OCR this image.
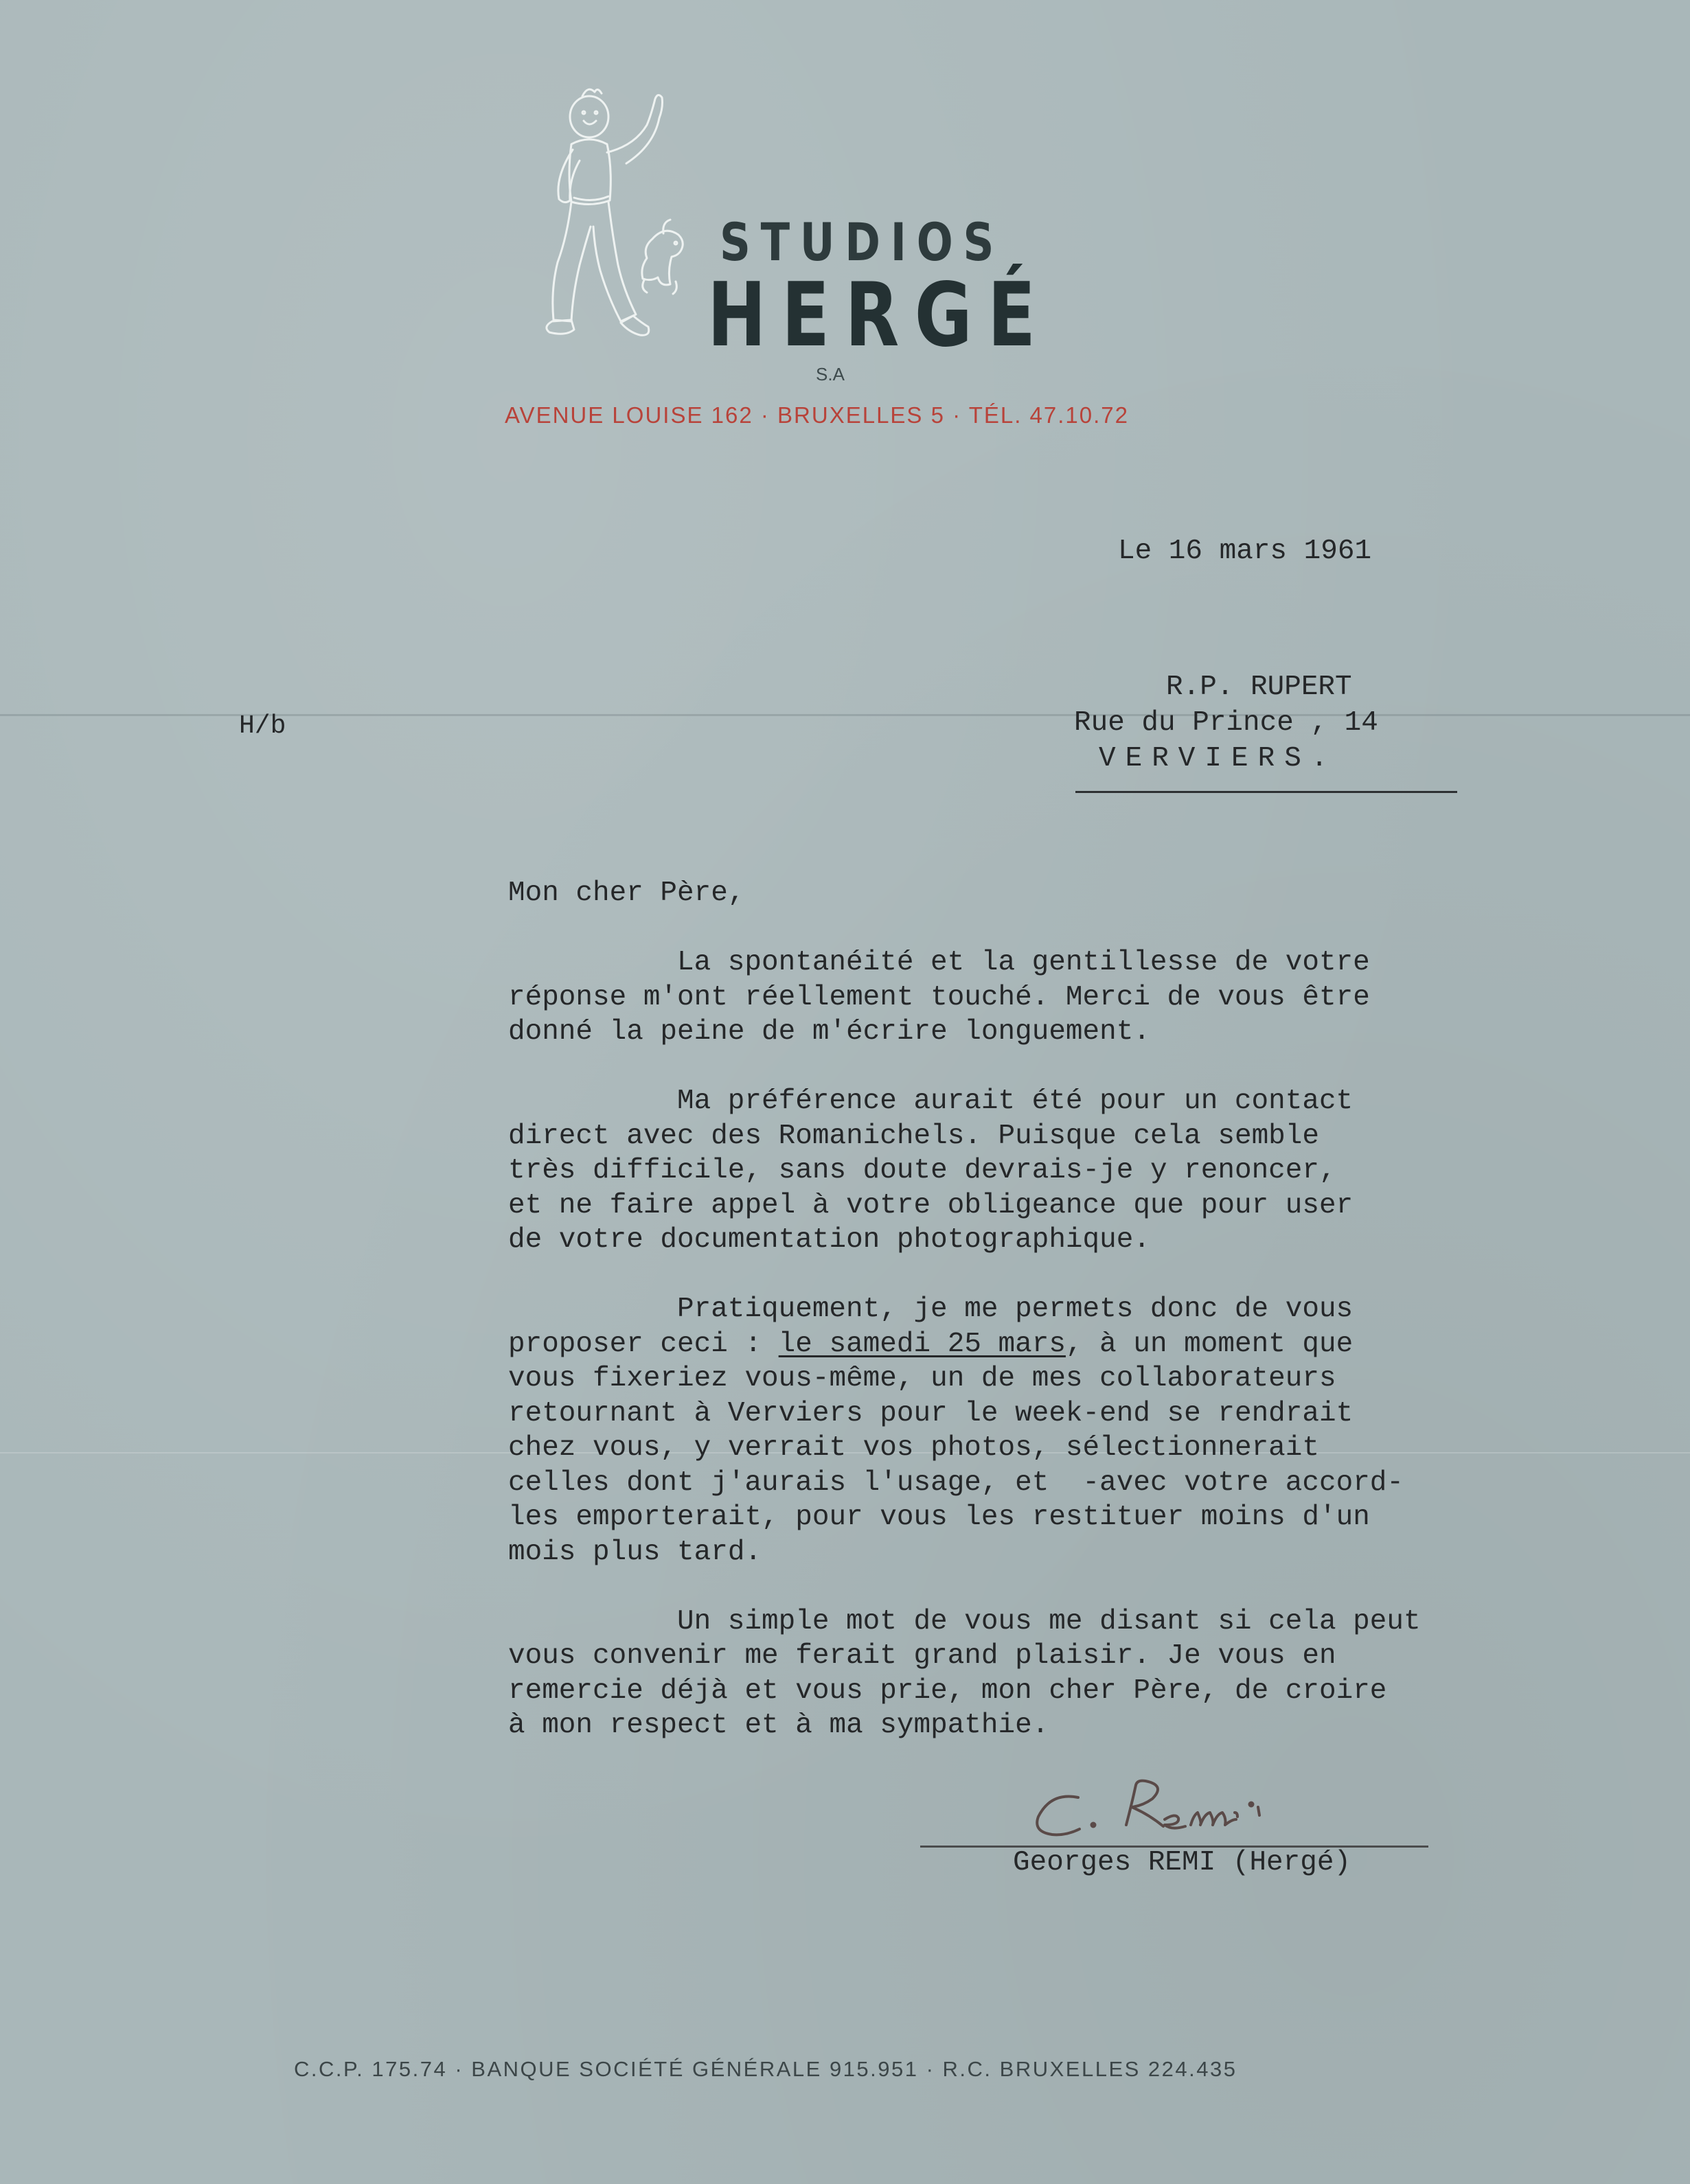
STUDIOS
HERGÉ
S.A
AVENUE LOUISE 162 · BRUXELLES 5 · TÉL. 47.10.72
Le 16 mars 1961
H/b
R.P. RUPERT
Rue du Prince , 14
VERVIERS.
Mon cher Père,
La spontanéité et la gentillesse de votre
réponse m'ont réellement touché. Merci de vous être
donné la peine de m'écrire longuement.
Ma préférence aurait été pour un contact
direct avec des Romanichels. Puisque cela semble
très difficile, sans doute devrais-je y renoncer,
et ne faire appel à votre obligeance que pour user
de votre documentation photographique.
Pratiquement, je me permets donc de vous
proposer ceci : le samedi 25 mars, à un moment que
vous fixeriez vous-même, un de mes collaborateurs
retournant à Verviers pour le week-end se rendrait
chez vous, y verrait vos photos, sélectionnerait
celles dont j'aurais l'usage, et  -avec votre accord-
les emporterait, pour vous les restituer moins d'un
mois plus tard.
Un simple mot de vous me disant si cela peut
vous convenir me ferait grand plaisir. Je vous en
remercie déjà et vous prie, mon cher Père, de croire
à mon respect et à ma sympathie.
Georges REMI (Hergé)
C.C.P. 175.74 · BANQUE SOCIÉTÉ GÉNÉRALE 915.951 · R.C. BRUXELLES 224.435
